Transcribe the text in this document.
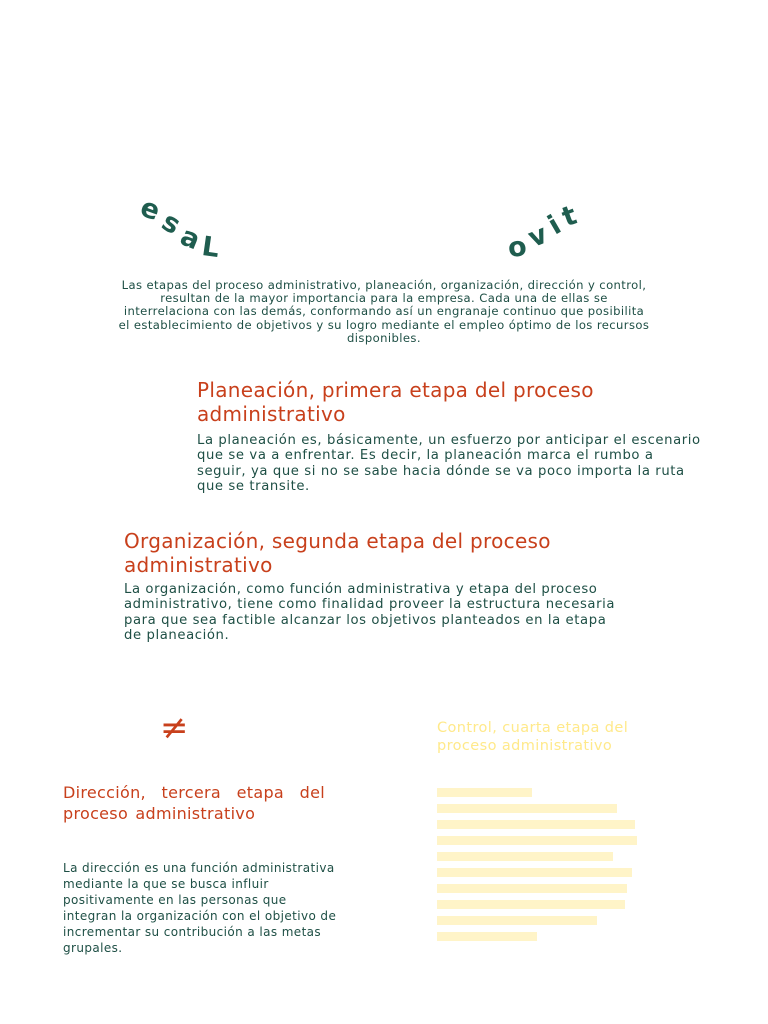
e
s
a
L	o
v
i
t

Las etapas del proceso administrativo, planeación, organización, dirección y control, resultan de la mayor importancia para la empresa. Cada una de ellas se interrelaciona con las demás, conformando así un engranaje continuo que posibilita el establecimiento de objetivos y su logro mediante el empleo óptimo de los recursos disponibles.

Planeación, primera etapa del proceso administrativo

La planeación es, básicamente, un esfuerzo por anticipar el escenario que se va a enfrentar. Es decir, la planeación marca el rumbo a seguir, ya que si no se sabe hacia dónde se va poco importa la ruta que se transite.

Organización, segunda etapa del proceso administrativo

La organización, como función administrativa y etapa del proceso administrativo, tiene como finalidad proveer la estructura necesaria para que sea factible alcanzar los objetivos planteados en la etapa de planeación.

≠
Dirección, tercera etapa del proceso administrativo

La dirección es una función administrativa mediante la que se busca influir positivamente en las personas que integran la organización con el objetivo de incrementar su contribución a las metas grupales.

Control, cuarta etapa del proceso administrativo
